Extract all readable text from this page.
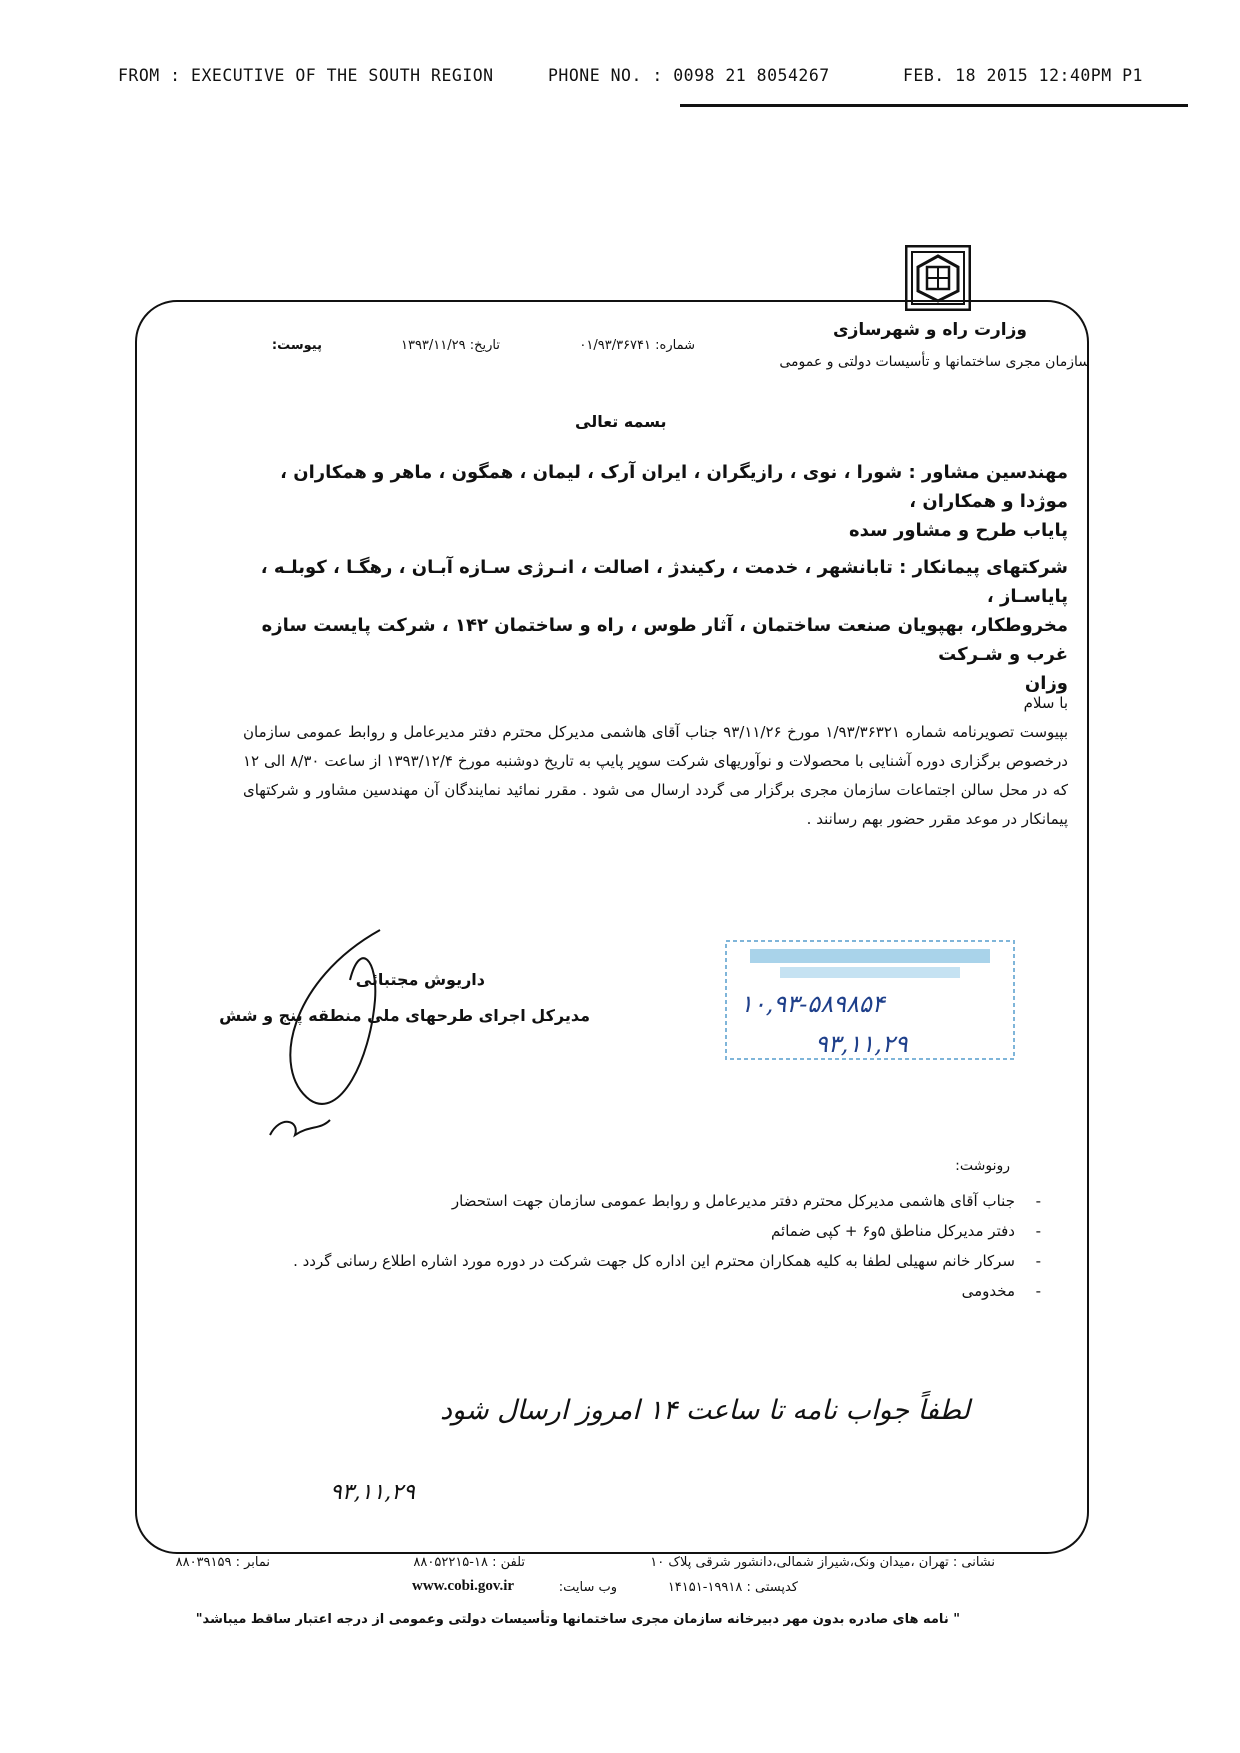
FROM : EXECUTIVE OF THE SOUTH REGION

	PHONE NO. : 0098 21 8054267

	FEB. 18 2015 12:40PM P1

وزارت راه و شهرسازی
سازمان مجری ساختمانها و تأسیسات دولتی و عمومی
شماره: ۰۱/۹۳/۳۶۷۴۱
تاریخ: ۱۳۹۳/۱۱/۲۹
پیوست:
بسمه تعالی

مهندسین مشاور : شورا ، نوی ، رازیگران ، ایران آرک ، لیمان ، همگون ، ماهر و همکاران ، موژدا و همکاران ،

پایاب طرح و مشاور سده

شرکتهای پیمانکار : تابانشهر ، خدمت ، رکیندژ ، اصالت ، انـرژی سـازه آبـان ، رهگـا ، کوبلـه ، پایاسـاز ،

مخروطکار، بهپویان صنعت ساختمان ، آثار طوس ، راه و ساختمان ۱۴۲ ، شرکت پایست سازه غرب و شـرکت

وزان

با سلام
بپیوست تصویرنامه شماره ۱/۹۳/۳۶۳۲۱ مورخ ۹۳/۱۱/۲۶ جناب آقای هاشمی مدیرکل محترم دفتر مدیرعامل و روابط عمومی سازمان درخصوص برگزاری دوره آشنایی با محصولات و نوآوریهای شرکت سوپر پایپ به تاریخ دوشنبه مورخ ۱۳۹۳/۱۲/۴ از ساعت ۸/۳۰ الی ۱۲ که در محل سالن اجتماعات سازمان مجری برگزار می گردد ارسال می شود . مقرر نمائید نمایندگان آن مهندسین مشاور و شرکتهای پیمانکار در موعد مقرر حضور بهم رسانند .
داریوش مجتبائی
مدیرکل اجرای طرحهای ملی منطقه پنج و شش	۱۰,۹۳-۵۸۹۸۵۴
۹۳,۱۱,۲۹
رونوشت:
- جناب آقای هاشمی مدیرکل محترم دفتر مدیرعامل و روابط عمومی سازمان جهت استحضار
- دفتر مدیرکل مناطق ۵و۶ + کپی ضمائم
- سرکار خانم سهیلی لطفا به کلیه همکاران محترم این اداره کل جهت شرکت در دوره مورد اشاره اطلاع رسانی گردد .
- مخدومی
لطفاً جواب نامه تا ساعت ۱۴ امروز ارسال شود
۹۳,۱۱,۲۹
نشانی : تهران ،میدان ونک،شیراز شمالی،دانشور شرقی پلاک ۱۰
کدپستی : ۱۹۹۱۸-۱۴۱۵۱
تلفن : ۱۸-۸۸۰۵۲۲۱۵
وب سایت:
www.cobi.gov.ir
نمابر : ۸۸۰۳۹۱۵۹
" نامه های صادره بدون مهر دبیرخانه سازمان مجری ساختمانها وتأسیسات دولتی وعمومی از درجه اعتبار ساقط میباشد"
